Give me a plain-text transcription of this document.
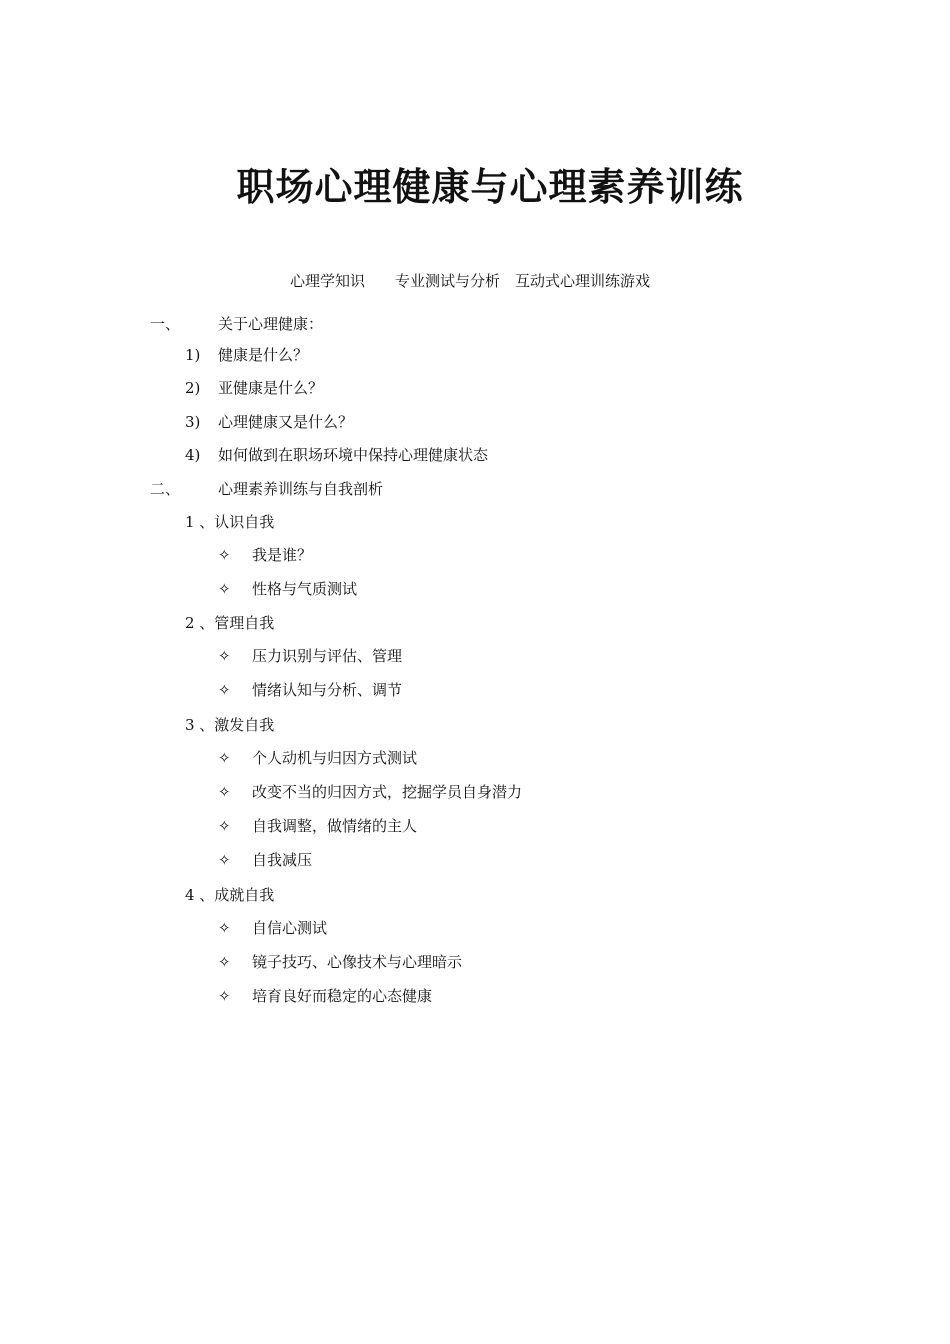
职场心理健康与心理素养训练
心理学知识　　专业测试与分析　互动式心理训练游戏
一、	关于心理健康：
1) 健康是什么？
2) 亚健康是什么？
3) 心理健康又是什么？
4) 如何做到在职场环境中保持心理健康状态
二、	心理素养训练与自我剖析
1 、认识自我
✧ 我是谁？
✧ 性格与气质测试
2 、管理自我
✧ 压力识别与评估、管理
✧ 情绪认知与分析、调节
3 、激发自我
✧ 个人动机与归因方式测试
✧ 改变不当的归因方式，挖掘学员自身潜力
✧ 自我调整，做情绪的主人
✧ 自我减压
4 、成就自我
✧ 自信心测试
✧ 镜子技巧、心像技术与心理暗示
✧ 培育良好而稳定的心态健康
